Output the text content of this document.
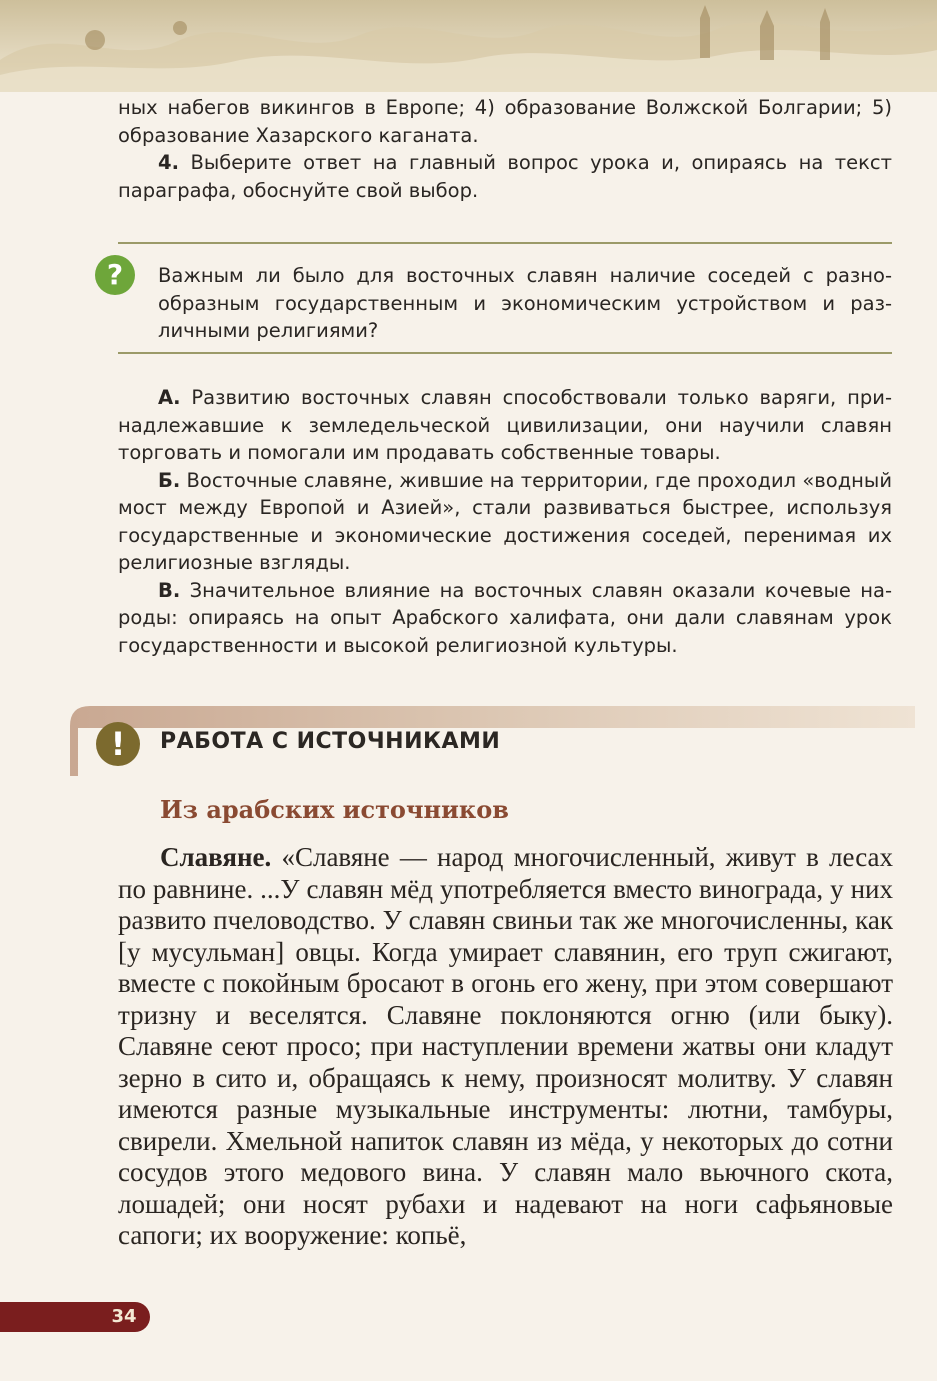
ных набегов викингов в Европе; 4) образование Волжской Болгарии; 5) образование Хазарского каганата.

4. Выберите ответ на главный вопрос урока и, опираясь на текст параграфа, обоснуйте свой выбор.

?	Важным ли было для восточных славян наличие соседей с разнообразным государственным и экономическим устройством и различными религиями?

А. Развитию восточных славян способствовали только варяги, принадлежавшие к земледельческой цивилизации, они научили славян торговать и помогали им продавать собственные товары.

Б. Восточные славяне, жившие на территории, где проходил «водный мост между Европой и Азией», стали развиваться быстрее, используя государственные и экономические достижения соседей, перенимая их религиозные взгляды.

В. Значительное влияние на восточных славян оказали кочевые народы: опираясь на опыт Арабского халифата, они дали славянам урок государственности и высокой религиозной культуры.

!	РАБОТА С ИСТОЧНИКАМИ
Из арабских источников

Славяне. «Славяне — народ многочисленный, живут в лесах по равнине. ...У славян мёд употребляется вместо винограда, у них развито пчеловодство. У славян свиньи так же многочисленны, как [у мусульман] овцы. Когда умирает славянин, его труп сжигают, вместе с покойным бросают в огонь его жену, при этом совершают тризну и веселятся. Славяне поклоняются огню (или быку). Славяне сеют просо; при наступлении времени жатвы они кладут зерно в сито и, обращаясь к нему, произносят молитву. У славян имеются разные музыкальные инструменты: лютни, тамбуры, свирели. Хмельной напиток славян из мёда, у некоторых до сотни сосудов этого медового вина. У славян мало вьючного скота, лошадей; они носят рубахи и надевают на ноги сафьяновые сапоги; их вооружение: копьё,

34
